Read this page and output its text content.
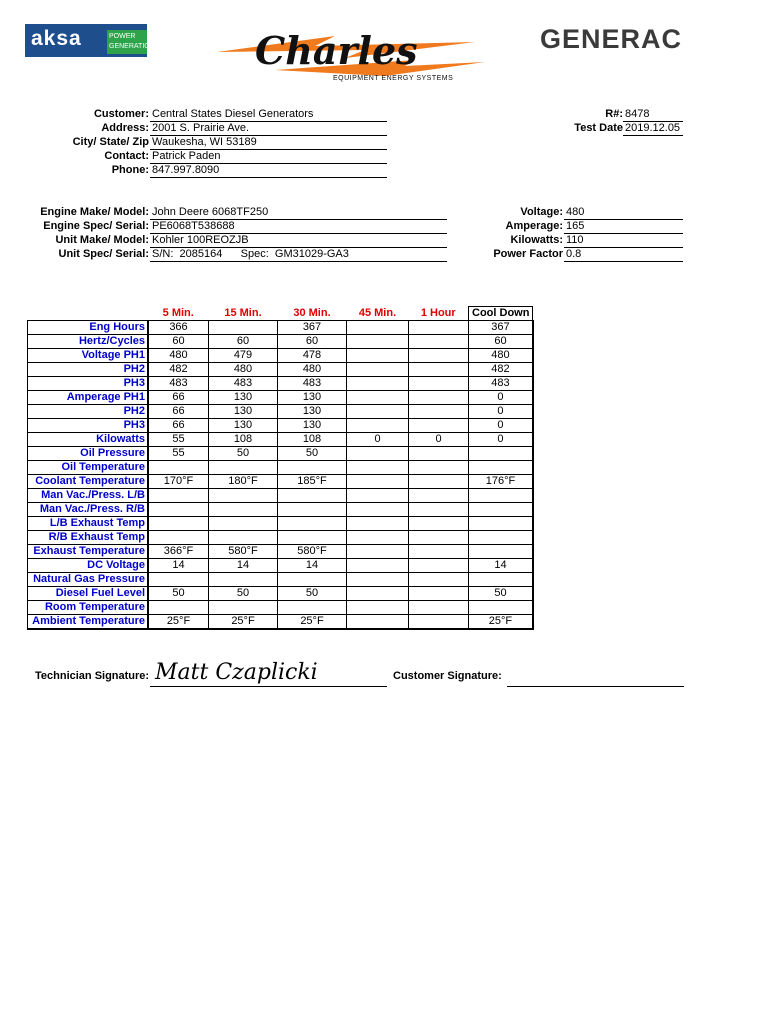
aksa	POWER GENERATION	Charles
EQUIPMENT ENERGY SYSTEMS
GENERAC
Customer: Central States Diesel Generators
Address: 2001 S. Prairie Ave.
City/ State/ Zip Waukesha, WI 53189
Contact: Patrick Paden
Phone: 847.997.8090
R#: 8478
Test Date 2019.12.05
Engine Make/ Model: John Deere 6068TF250
Engine Spec/ Serial: PE6068T538688
Unit Make/ Model: Kohler 100REOZJB
Unit Spec/ Serial: S/N:  2085164      Spec:  GM31029-GA3
Voltage: 480
Amperage: 165
Kilowatts: 110
Power Factor 0.8
	5 Min.	15 Min.	30 Min.	45 Min.	1 Hour	Cool Down
Eng Hours	366		367			367
Hertz/Cycles	60	60	60			60
Voltage PH1	480	479	478			480
PH2	482	480	480			482
PH3	483	483	483			483
Amperage PH1	66	130	130			0
PH2	66	130	130			0
PH3	66	130	130			0
Kilowatts	55	108	108	0	0	0
Oil Pressure	55	50	50			
Oil Temperature						
Coolant Temperature	170°F	180°F	185°F			176°F
Man Vac./Press. L/B						
Man Vac./Press. R/B						
L/B Exhaust Temp						
R/B Exhaust Temp						
Exhaust Temperature	366°F	580°F	580°F			
DC Voltage	14	14	14			14
Natural Gas Pressure						
Diesel Fuel Level	50	50	50			50
Room Temperature						
Ambient Temperature	25°F	25°F	25°F			25°F
Technician Signature: Matt Czaplicki	Customer Signature:
